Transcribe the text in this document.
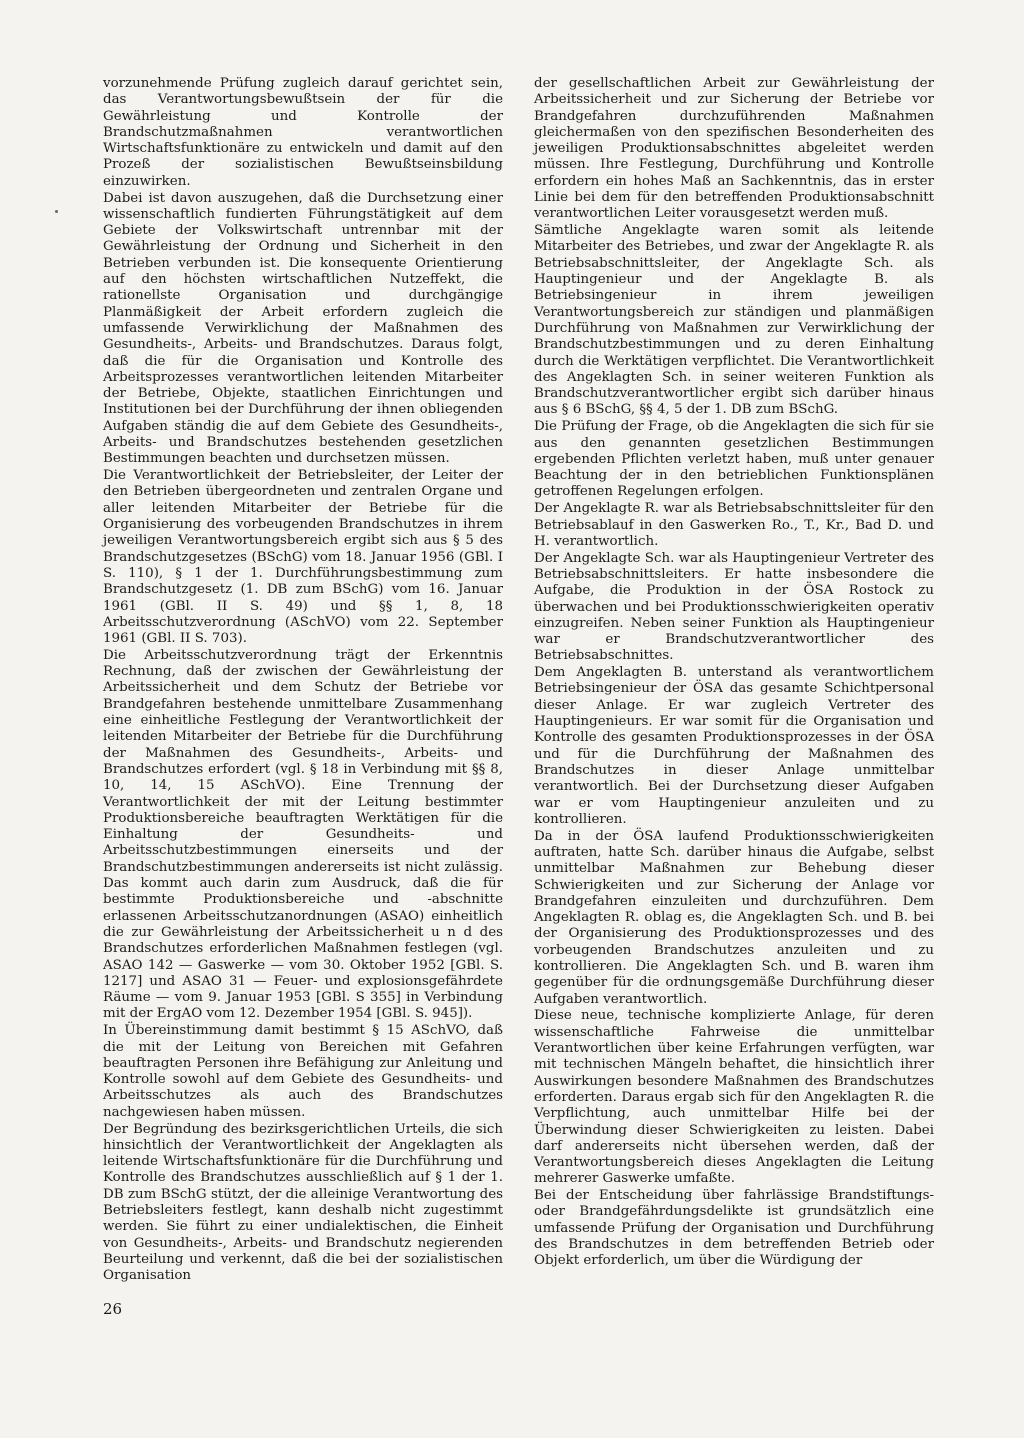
vorzunehmende Prüfung zugleich darauf gerichtet sein, das Verantwortungsbewußtsein der für die Gewährleistung und Kontrolle der Brandschutzmaßnahmen verantwortlichen Wirtschaftsfunktionäre zu entwickeln und damit auf den Prozeß der sozialistischen Bewußtseinsbildung einzuwirken.

Dabei ist davon auszugehen, daß die Durchsetzung einer wissenschaftlich fundierten Führungstätigkeit auf dem Gebiete der Volkswirtschaft untrennbar mit der Gewährleistung der Ordnung und Sicherheit in den Betrieben verbunden ist. Die konsequente Orientierung auf den höchsten wirtschaftlichen Nutzeffekt, die rationellste Organisation und durchgängige Planmäßigkeit der Arbeit erfordern zugleich die umfassende Verwirklichung der Maßnahmen des Gesundheits-, Arbeits- und Brandschutzes. Daraus folgt, daß die für die Organisation und Kontrolle des Arbeitsprozesses verantwortlichen leitenden Mitarbeiter der Betriebe, Objekte, staatlichen Einrichtungen und Institutionen bei der Durchführung der ihnen obliegenden Aufgaben ständig die auf dem Gebiete des Gesundheits-, Arbeits- und Brandschutzes bestehenden gesetzlichen Bestimmungen beachten und durchsetzen müssen.

Die Verantwortlichkeit der Betriebsleiter, der Leiter der den Betrieben übergeordneten und zentralen Organe und aller leitenden Mitarbeiter der Betriebe für die Organisierung des vorbeugenden Brandschutzes in ihrem jeweiligen Verantwortungsbereich ergibt sich aus § 5 des Brandschutzgesetzes (BSchG) vom 18. Januar 1956 (GBl. I S. 110), § 1 der 1. Durchführungsbestimmung zum Brandschutzgesetz (1. DB zum BSchG) vom 16. Januar 1961 (GBl. II S. 49) und §§ 1, 8, 18 Arbeitsschutzverordnung (ASchVO) vom 22. September 1961 (GBl. II S. 703).

Die Arbeitsschutzverordnung trägt der Erkenntnis Rechnung, daß der zwischen der Gewährleistung der Arbeitssicherheit und dem Schutz der Betriebe vor Brandgefahren bestehende unmittelbare Zusammenhang eine einheitliche Festlegung der Verantwortlichkeit der leitenden Mitarbeiter der Betriebe für die Durchführung der Maßnahmen des Gesundheits-, Arbeits- und Brandschutzes erfordert (vgl. § 18 in Verbindung mit §§ 8, 10, 14, 15 ASchVO). Eine Trennung der Verantwortlichkeit der mit der Leitung bestimmter Produktionsbereiche beauftragten Werktätigen für die Einhaltung der Gesundheits- und Arbeitsschutzbestimmungen einerseits und der Brandschutzbestimmungen andererseits ist nicht zulässig. Das kommt auch darin zum Ausdruck, daß die für bestimmte Produktionsbereiche und -abschnitte erlassenen Arbeitsschutzanordnungen (ASAO) einheitlich die zur Gewährleistung der Arbeitssicherheit u n d des Brandschutzes erforderlichen Maßnahmen festlegen (vgl. ASAO 142 — Gaswerke — vom 30. Oktober 1952 [GBl. S. 1217] und ASAO 31 — Feuer- und explosionsgefährdete Räume — vom 9. Januar 1953 [GBl. S 355] in Verbindung mit der ErgAO vom 12. Dezember 1954 [GBl. S. 945]).

In Übereinstimmung damit bestimmt § 15 ASchVO, daß die mit der Leitung von Bereichen mit Gefahren beauftragten Personen ihre Befähigung zur Anleitung und Kontrolle sowohl auf dem Gebiete des Gesundheits- und Arbeitsschutzes als auch des Brandschutzes nachgewiesen haben müssen.

Der Begründung des bezirksgerichtlichen Urteils, die sich hinsichtlich der Verantwortlichkeit der Angeklagten als leitende Wirtschaftsfunktionäre für die Durchführung und Kontrolle des Brandschutzes ausschließlich auf § 1 der 1. DB zum BSchG stützt, der die alleinige Verantwortung des Betriebsleiters festlegt, kann deshalb nicht zugestimmt werden. Sie führt zu einer undialektischen, die Einheit von Gesundheits-, Arbeits- und Brandschutz negierenden Beurteilung und verkennt, daß die bei der sozialistischen Organisation

der gesellschaftlichen Arbeit zur Gewährleistung der Arbeitssicherheit und zur Sicherung der Betriebe vor Brandgefahren durchzuführenden Maßnahmen gleichermaßen von den spezifischen Besonderheiten des jeweiligen Produktionsabschnittes abgeleitet werden müssen. Ihre Festlegung, Durchführung und Kontrolle erfordern ein hohes Maß an Sachkenntnis, das in erster Linie bei dem für den betreffenden Produktionsabschnitt verantwortlichen Leiter vorausgesetzt werden muß.

Sämtliche Angeklagte waren somit als leitende Mitarbeiter des Betriebes, und zwar der Angeklagte R. als Betriebsabschnittsleiter, der Angeklagte Sch. als Hauptingenieur und der Angeklagte B. als Betriebsingenieur in ihrem jeweiligen Verantwortungsbereich zur ständigen und planmäßigen Durchführung von Maßnahmen zur Verwirklichung der Brandschutzbestimmungen und zu deren Einhaltung durch die Werktätigen verpflichtet. Die Verantwortlichkeit des Angeklagten Sch. in seiner weiteren Funktion als Brandschutzverantwortlicher ergibt sich darüber hinaus aus § 6 BSchG, §§ 4, 5 der 1. DB zum BSchG.

Die Prüfung der Frage, ob die Angeklagten die sich für sie aus den genannten gesetzlichen Bestimmungen ergebenden Pflichten verletzt haben, muß unter genauer Beachtung der in den betrieblichen Funktionsplänen getroffenen Regelungen erfolgen.

Der Angeklagte R. war als Betriebsabschnittsleiter für den Betriebsablauf in den Gaswerken Ro., T., Kr., Bad D. und H. verantwortlich.

Der Angeklagte Sch. war als Hauptingenieur Vertreter des Betriebsabschnittsleiters. Er hatte insbesondere die Aufgabe, die Produktion in der ÖSA Rostock zu überwachen und bei Produktionsschwierigkeiten operativ einzugreifen. Neben seiner Funktion als Hauptingenieur war er Brandschutzverantwortlicher des Betriebsabschnittes.

Dem Angeklagten B. unterstand als verantwortlichem Betriebsingenieur der ÖSA das gesamte Schichtpersonal dieser Anlage. Er war zugleich Vertreter des Hauptingenieurs. Er war somit für die Organisation und Kontrolle des gesamten Produktionsprozesses in der ÖSA und für die Durchführung der Maßnahmen des Brandschutzes in dieser Anlage unmittelbar verantwortlich. Bei der Durchsetzung dieser Aufgaben war er vom Hauptingenieur anzuleiten und zu kontrollieren.

Da in der ÖSA laufend Produktionsschwierigkeiten auftraten, hatte Sch. darüber hinaus die Aufgabe, selbst unmittelbar Maßnahmen zur Behebung dieser Schwierigkeiten und zur Sicherung der Anlage vor Brandgefahren einzuleiten und durchzuführen. Dem Angeklagten R. oblag es, die Angeklagten Sch. und B. bei der Organisierung des Produktionsprozesses und des vorbeugenden Brandschutzes anzuleiten und zu kontrollieren. Die Angeklagten Sch. und B. waren ihm gegenüber für die ordnungsgemäße Durchführung dieser Aufgaben verantwortlich.

Diese neue, technische komplizierte Anlage, für deren wissenschaftliche Fahrweise die unmittelbar Verantwortlichen über keine Erfahrungen verfügten, war mit technischen Mängeln behaftet, die hinsichtlich ihrer Auswirkungen besondere Maßnahmen des Brandschutzes erforderten. Daraus ergab sich für den Angeklagten R. die Verpflichtung, auch unmittelbar Hilfe bei der Überwindung dieser Schwierigkeiten zu leisten. Dabei darf andererseits nicht übersehen werden, daß der Verantwortungsbereich dieses Angeklagten die Leitung mehrerer Gaswerke umfaßte.

Bei der Entscheidung über fahrlässige Brandstiftungs- oder Brandgefährdungsdelikte ist grundsätzlich eine umfassende Prüfung der Organisation und Durchführung des Brandschutzes in dem betreffenden Betrieb oder Objekt erforderlich, um über die Würdigung der

26
